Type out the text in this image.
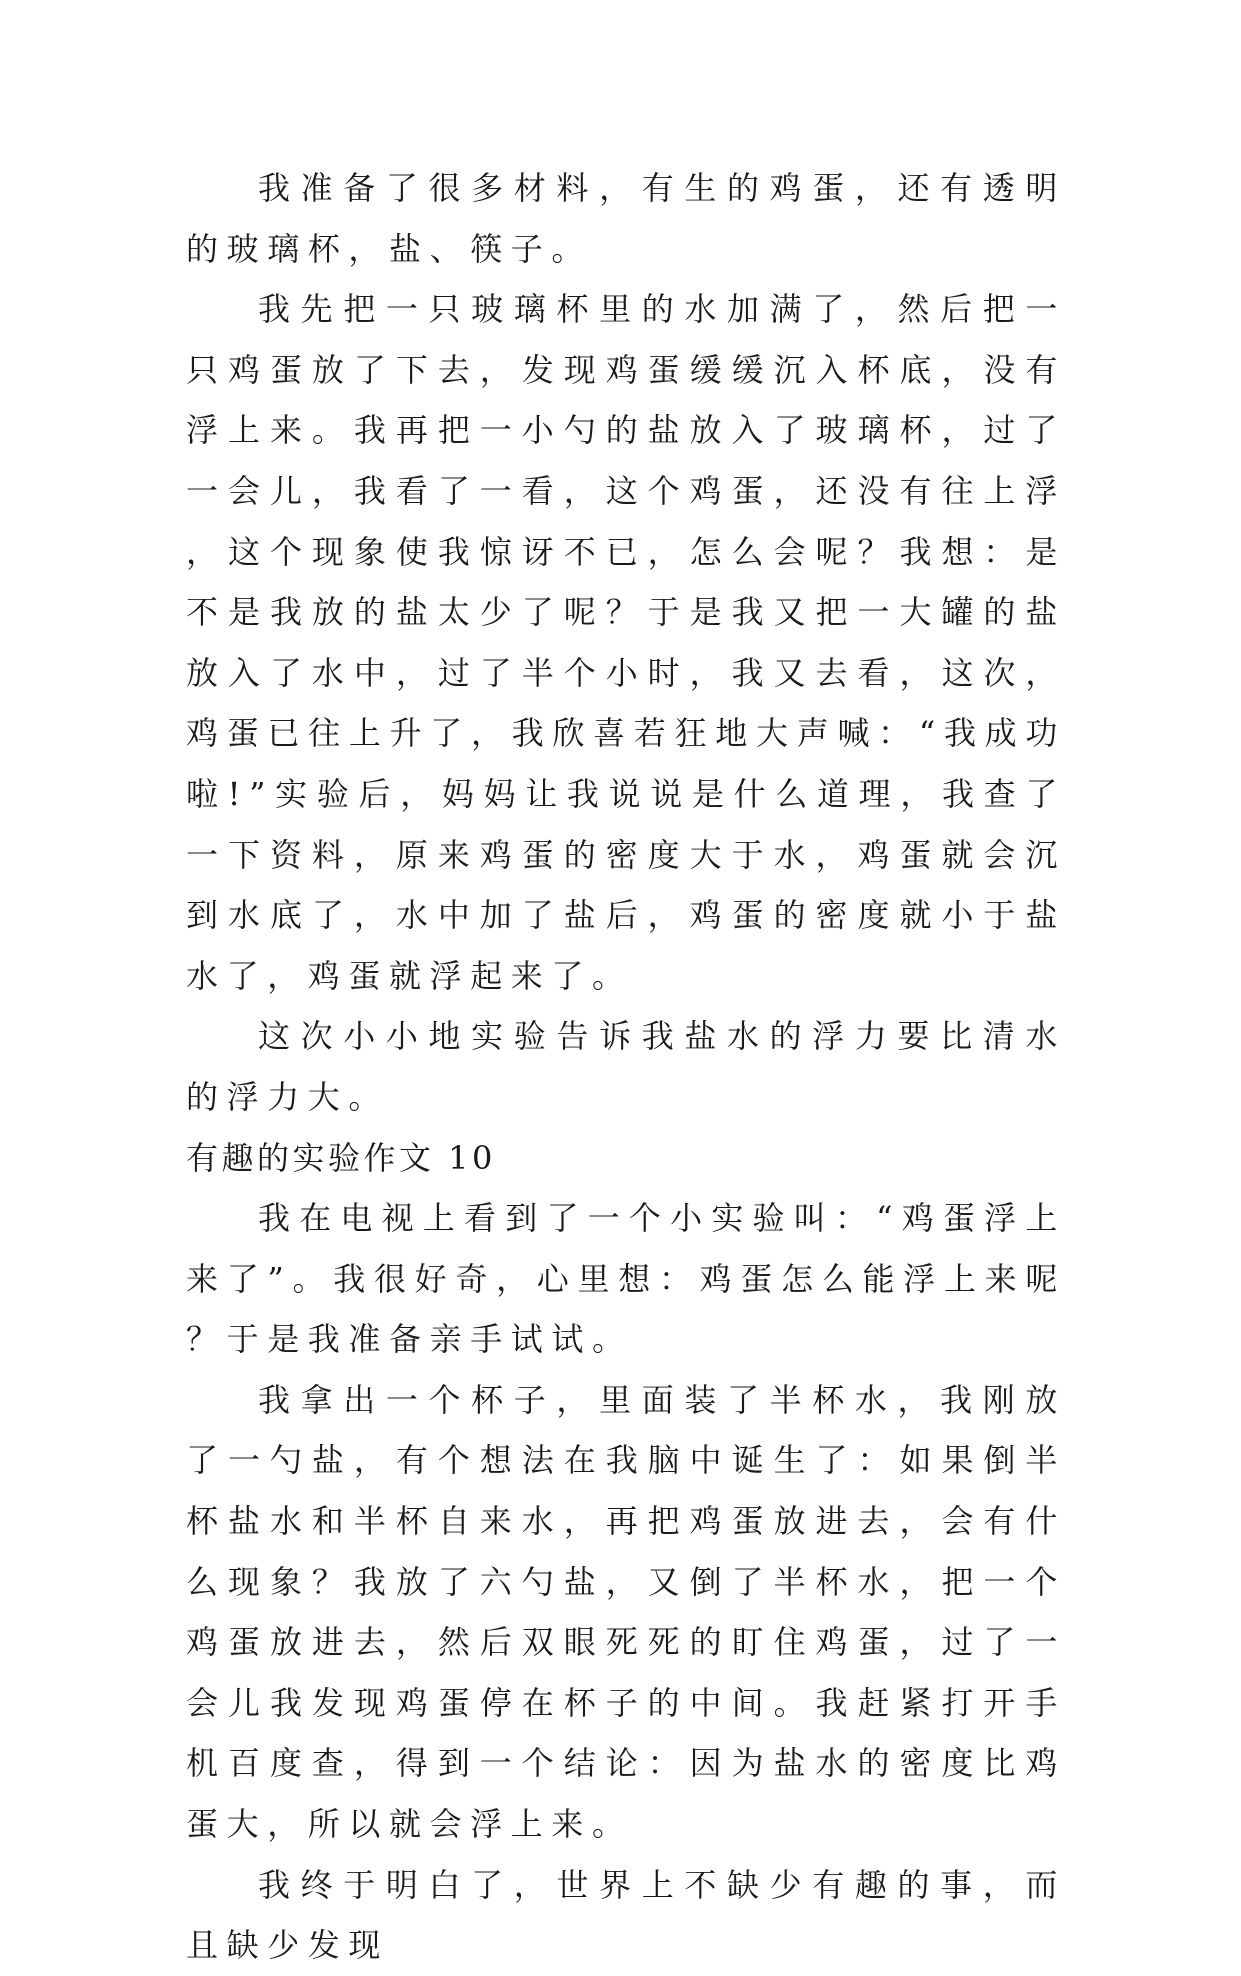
我准备了很多材料，有生的鸡蛋，还有透明的玻璃杯，盐、筷子。

我先把一只玻璃杯里的水加满了，然后把一只鸡蛋放了下去，发现鸡蛋缓缓沉入杯底，没有浮上来。我再把一小勺的盐放入了玻璃杯，过了一会儿，我看了一看，这个鸡蛋，还没有往上浮，这个现象使我惊讶不已，怎么会呢？我想：是不是我放的盐太少了呢？于是我又把一大罐的盐放入了水中，过了半个小时，我又去看，这次，鸡蛋已往上升了，我欣喜若狂地大声喊：“我成功啦!”实验后，妈妈让我说说是什么道理，我查了一下资料，原来鸡蛋的密度大于水，鸡蛋就会沉到水底了，水中加了盐后，鸡蛋的密度就小于盐水了，鸡蛋就浮起来了。

这次小小地实验告诉我盐水的浮力要比清水的浮力大。

有趣的实验作文 10

我在电视上看到了一个小实验叫：“鸡蛋浮上来了”。我很好奇，心里想：鸡蛋怎么能浮上来呢？于是我准备亲手试试。

我拿出一个杯子，里面装了半杯水，我刚放了一勺盐，有个想法在我脑中诞生了：如果倒半杯盐水和半杯自来水，再把鸡蛋放进去，会有什么现象？我放了六勺盐，又倒了半杯水，把一个鸡蛋放进去，然后双眼死死的盯住鸡蛋，过了一会儿我发现鸡蛋停在杯子的中间。我赶紧打开手机百度查，得到一个结论：因为盐水的密度比鸡蛋大，所以就会浮上来。

我终于明白了，世界上不缺少有趣的事，而且缺少发现
